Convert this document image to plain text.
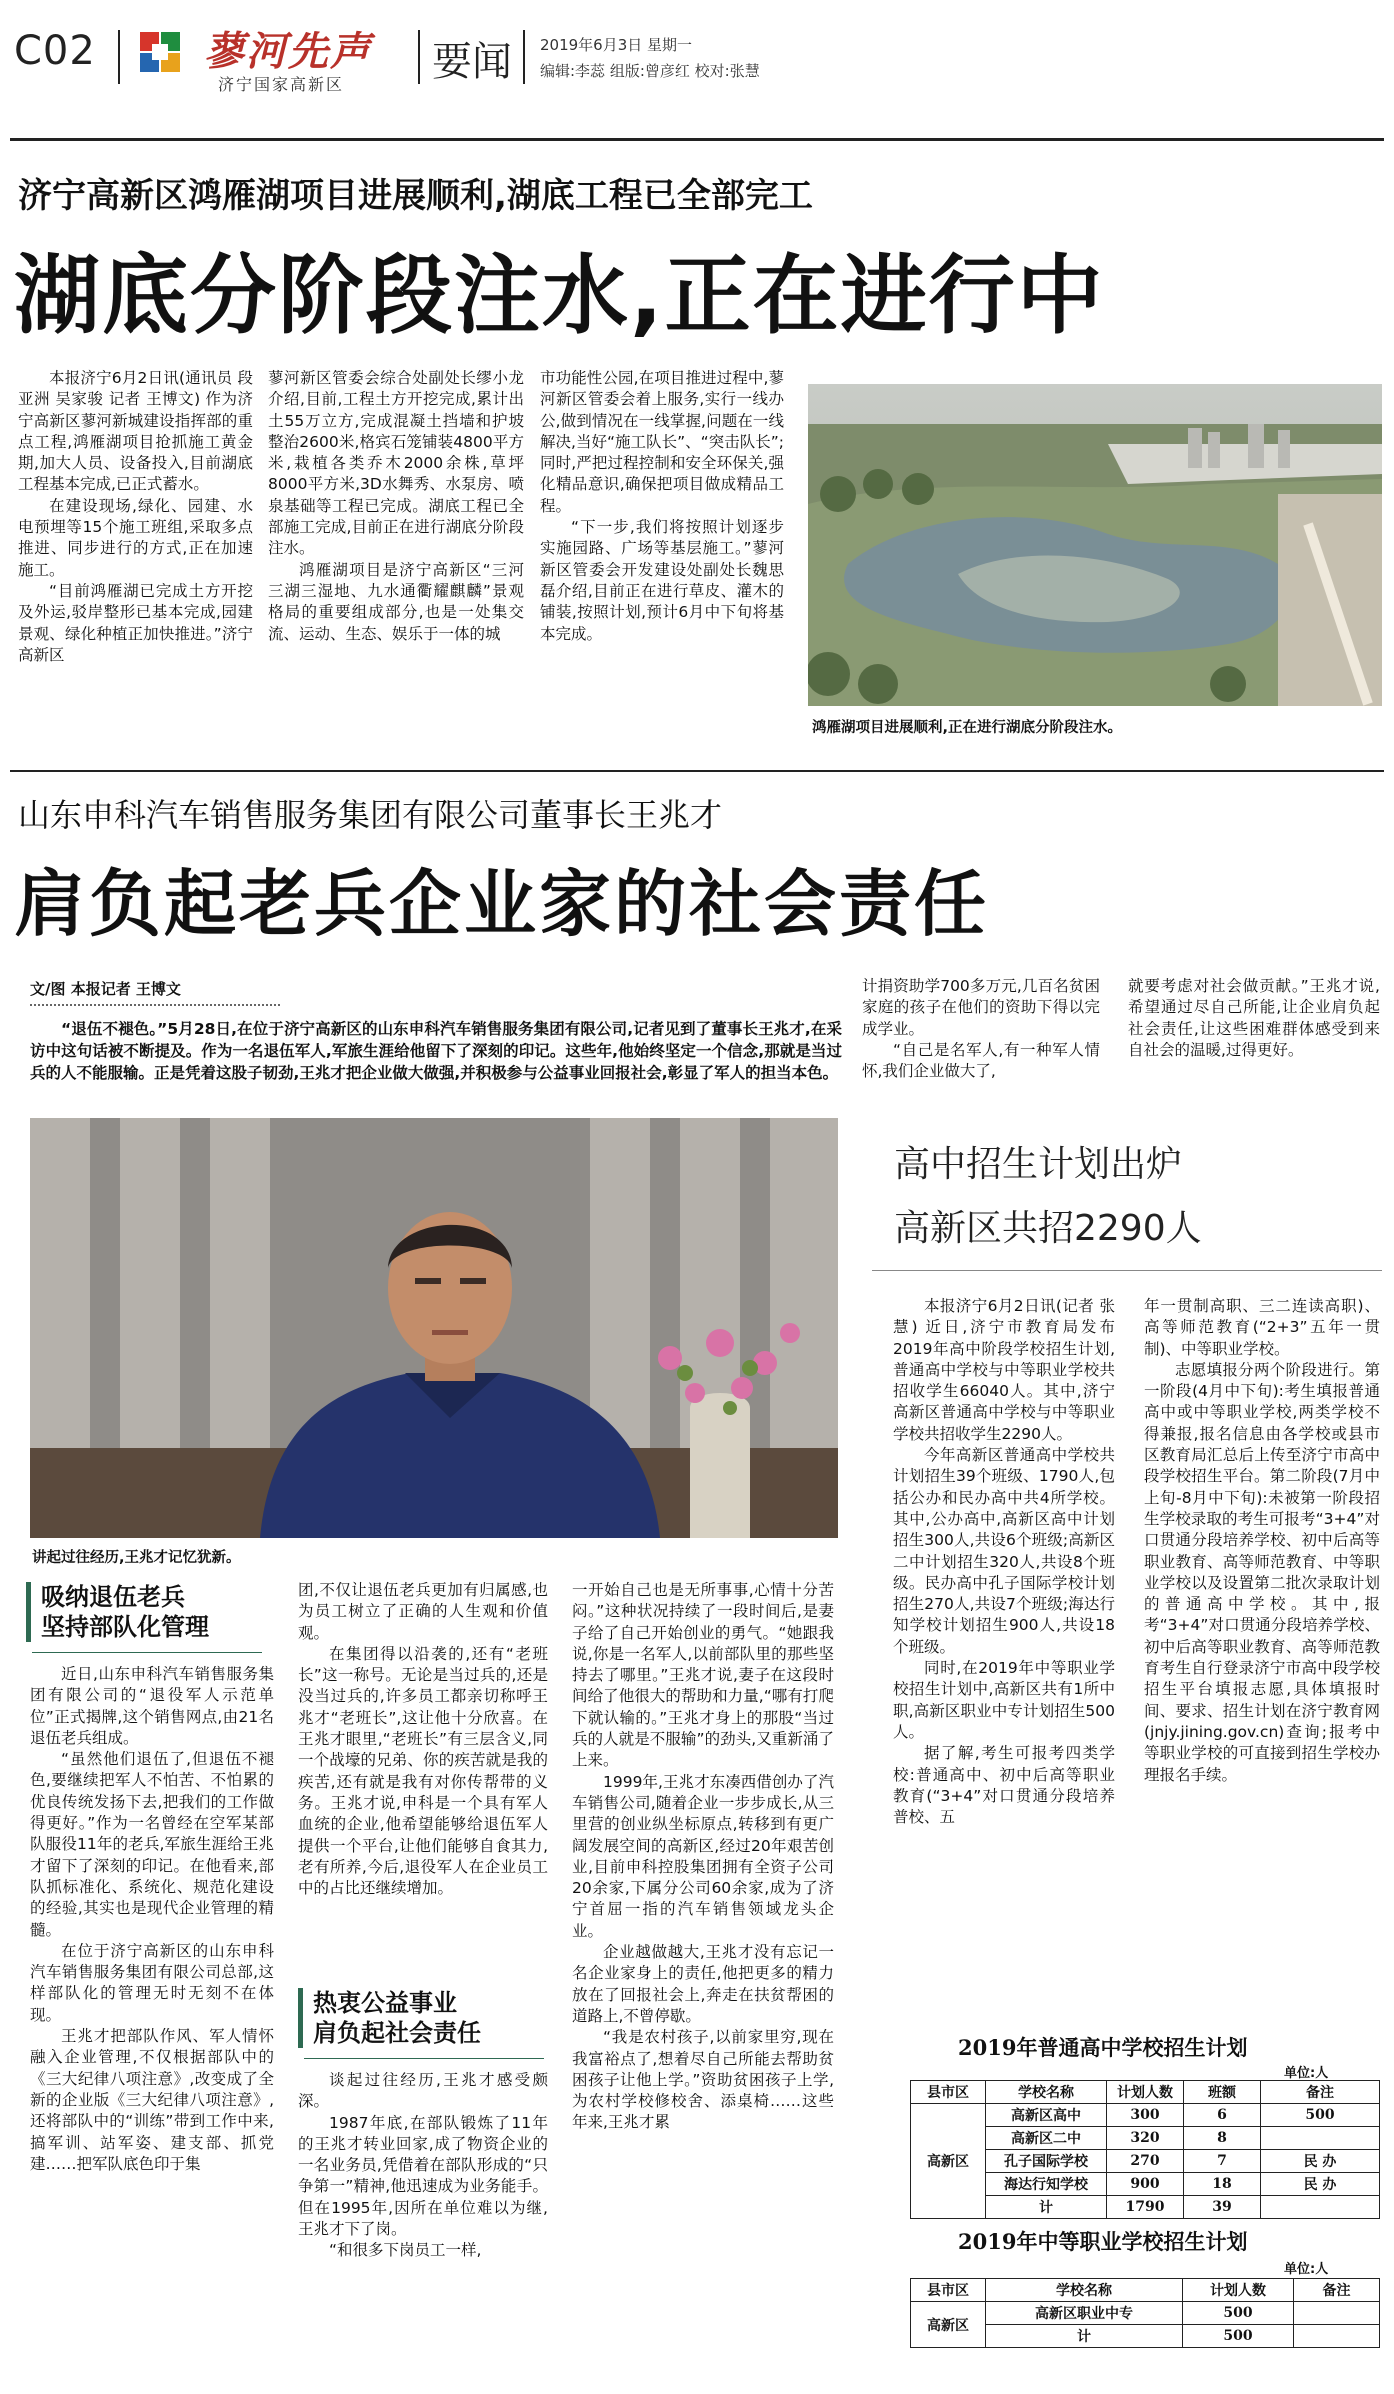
C02	蓼河先声
济宁国家高新区 要闻 2019年6月3日 星期一
编辑:李蕊 组版:曾彦红 校对:张慧
济宁高新区鸿雁湖项目进展顺利,湖底工程已全部完工
湖底分阶段注水,正在进行中

本报济宁6月2日讯(通讯员 段亚洲 吴家骏 记者 王博文) 作为济宁高新区蓼河新城建设指挥部的重点工程,鸿雁湖项目抢抓施工黄金期,加大人员、设备投入,目前湖底工程基本完成,已正式蓄水。

在建设现场,绿化、园建、水电预埋等15个施工班组,采取多点推进、同步进行的方式,正在加速施工。

“目前鸿雁湖已完成土方开挖及外运,驳岸整形已基本完成,园建景观、绿化种植正加快推进。”济宁高新区

蓼河新区管委会综合处副处长缪小龙介绍,目前,工程土方开挖完成,累计出土55万立方,完成混凝土挡墙和护坡整治2600米,格宾石笼铺装4800平方米,栽植各类乔木2000余株,草坪8000平方米,3D水舞秀、水泵房、喷泉基础等工程已完成。湖底工程已全部施工完成,目前正在进行湖底分阶段注水。

鸿雁湖项目是济宁高新区“三河三湖三湿地、九水通衢耀麒麟”景观格局的重要组成部分,也是一处集交流、运动、生态、娱乐于一体的城

市功能性公园,在项目推进过程中,蓼河新区管委会着上服务,实行一线办公,做到情况在一线掌握,问题在一线解决,当好“施工队长”、“突击队长”;同时,严把过程控制和安全环保关,强化精品意识,确保把项目做成精品工程。

“下一步,我们将按照计划逐步实施园路、广场等基层施工。”蓼河新区管委会开发建设处副处长魏思磊介绍,目前正在进行草皮、灌木的铺装,按照计划,预计6月中下旬将基本完成。

鸿雁湖项目进展顺利,正在进行湖底分阶段注水。
山东申科汽车销售服务集团有限公司董事长王兆才
肩负起老兵企业家的社会责任
文/图 本报记者 王博文

“退伍不褪色。”5月28日,在位于济宁高新区的山东申科汽车销售服务集团有限公司,记者见到了董事长王兆才,在采访中这句话被不断提及。作为一名退伍军人,军旅生涯给他留下了深刻的印记。这些年,他始终坚定一个信念,那就是当过兵的人不能服输。正是凭着这股子韧劲,王兆才把企业做大做强,并积极参与公益事业回报社会,彰显了军人的担当本色。

计捐资助学700多万元,几百名贫困家庭的孩子在他们的资助下得以完成学业。

“自己是名军人,有一种军人情怀,我们企业做大了,

就要考虑对社会做贡献。”王兆才说,希望通过尽自己所能,让企业肩负起社会责任,让这些困难群体感受到来自社会的温暖,过得更好。

讲起过往经历,王兆才记忆犹新。
吸纳退伍老兵
坚持部队化管理

近日,山东申科汽车销售服务集团有限公司的“退役军人示范单位”正式揭牌,这个销售网点,由21名退伍老兵组成。

“虽然他们退伍了,但退伍不褪色,要继续把军人不怕苦、不怕累的优良传统发扬下去,把我们的工作做得更好。”作为一名曾经在空军某部队服役11年的老兵,军旅生涯给王兆才留下了深刻的印记。在他看来,部队抓标准化、系统化、规范化建设的经验,其实也是现代企业管理的精髓。

在位于济宁高新区的山东申科汽车销售服务集团有限公司总部,这样部队化的管理无时无刻不在体现。

王兆才把部队作风、军人情怀融入企业管理,不仅根据部队中的《三大纪律八项注意》,改变成了全新的企业版《三大纪律八项注意》,还将部队中的“训练”带到工作中来,搞军训、站军姿、建支部、抓党建……把军队底色印于集

团,不仅让退伍老兵更加有归属感,也为员工树立了正确的人生观和价值观。

在集团得以沿袭的,还有“老班长”这一称号。无论是当过兵的,还是没当过兵的,许多员工都亲切称呼王兆才“老班长”,这让他十分欣喜。在王兆才眼里,“老班长”有三层含义,同一个战壕的兄弟、你的疾苦就是我的疾苦,还有就是我有对你传帮带的义务。王兆才说,申科是一个具有军人血统的企业,他希望能够给退伍军人提供一个平台,让他们能够自食其力,老有所养,今后,退役军人在企业员工中的占比还继续增加。

热衷公益事业
肩负起社会责任

谈起过往经历,王兆才感受颇深。

1987年底,在部队锻炼了11年的王兆才转业回家,成了物资企业的一名业务员,凭借着在部队形成的“只争第一”精神,他迅速成为业务能手。但在1995年,因所在单位难以为继,王兆才下了岗。

“和很多下岗员工一样,

一开始自己也是无所事事,心情十分苦闷。”这种状况持续了一段时间后,是妻子给了自己开始创业的勇气。“她跟我说,你是一名军人,以前部队里的那些坚持去了哪里。”王兆才说,妻子在这段时间给了他很大的帮助和力量,“哪有打爬下就认输的。”王兆才身上的那股“当过兵的人就是不服输”的劲头,又重新涌了上来。

1999年,王兆才东凑西借创办了汽车销售公司,随着企业一步步成长,从三里营的创业纵坐标原点,转移到有更广阔发展空间的高新区,经过20年艰苦创业,目前申科控股集团拥有全资子公司20余家,下属分公司60余家,成为了济宁首屈一指的汽车销售领域龙头企业。

企业越做越大,王兆才没有忘记一名企业家身上的责任,他把更多的精力放在了回报社会上,奔走在扶贫帮困的道路上,不曾停歇。

“我是农村孩子,以前家里穷,现在我富裕点了,想着尽自己所能去帮助贫困孩子让他上学。”资助贫困孩子上学,为农村学校修校舍、添桌椅……这些年来,王兆才累

高中招生计划出炉
高新区共招2290人

本报济宁6月2日讯(记者 张慧) 近日,济宁市教育局发布2019年高中阶段学校招生计划,普通高中学校与中等职业学校共招收学生66040人。其中,济宁高新区普通高中学校与中等职业学校共招收学生2290人。

今年高新区普通高中学校共计划招生39个班级、1790人,包括公办和民办高中共4所学校。其中,公办高中,高新区高中计划招生300人,共设6个班级;高新区二中计划招生320人,共设8个班级。民办高中孔子国际学校计划招生270人,共设7个班级;海达行知学校计划招生900人,共设18个班级。

同时,在2019年中等职业学校招生计划中,高新区共有1所中职,高新区职业中专计划招生500人。

据了解,考生可报考四类学校:普通高中、初中后高等职业教育(“3+4”对口贯通分段培养普校、五

年一贯制高职、三二连读高职)、高等师范教育(“2+3”五年一贯制)、中等职业学校。

志愿填报分两个阶段进行。第一阶段(4月中下旬):考生填报普通高中或中等职业学校,两类学校不得兼报,报名信息由各学校或县市区教育局汇总后上传至济宁市高中段学校招生平台。第二阶段(7月中上旬-8月中下旬):未被第一阶段招生学校录取的考生可报考“3+4”对口贯通分段培养学校、初中后高等职业教育、高等师范教育、中等职业学校以及设置第二批次录取计划的普通高中学校。其中,报考“3+4”对口贯通分段培养学校、初中后高等职业教育、高等师范教育考生自行登录济宁市高中段学校招生平台填报志愿,具体填报时间、要求、招生计划在济宁教育网(jnjy.jining.gov.cn)查询;报考中等职业学校的可直接到招生学校办理报名手续。

2019年普通高中学校招生计划
单位:人
县市区	学校名称	计划人数	班额	备注
高新区	高新区高中	300	6	500
	高新区二中	320	8	
	孔子国际学校	270	7	民 办
	海达行知学校	900	18	民 办
	计	1790	39	
2019年中等职业学校招生计划
单位:人
县市区	学校名称	计划人数	备注
高新区	高新区职业中专	500	
	计	500	
